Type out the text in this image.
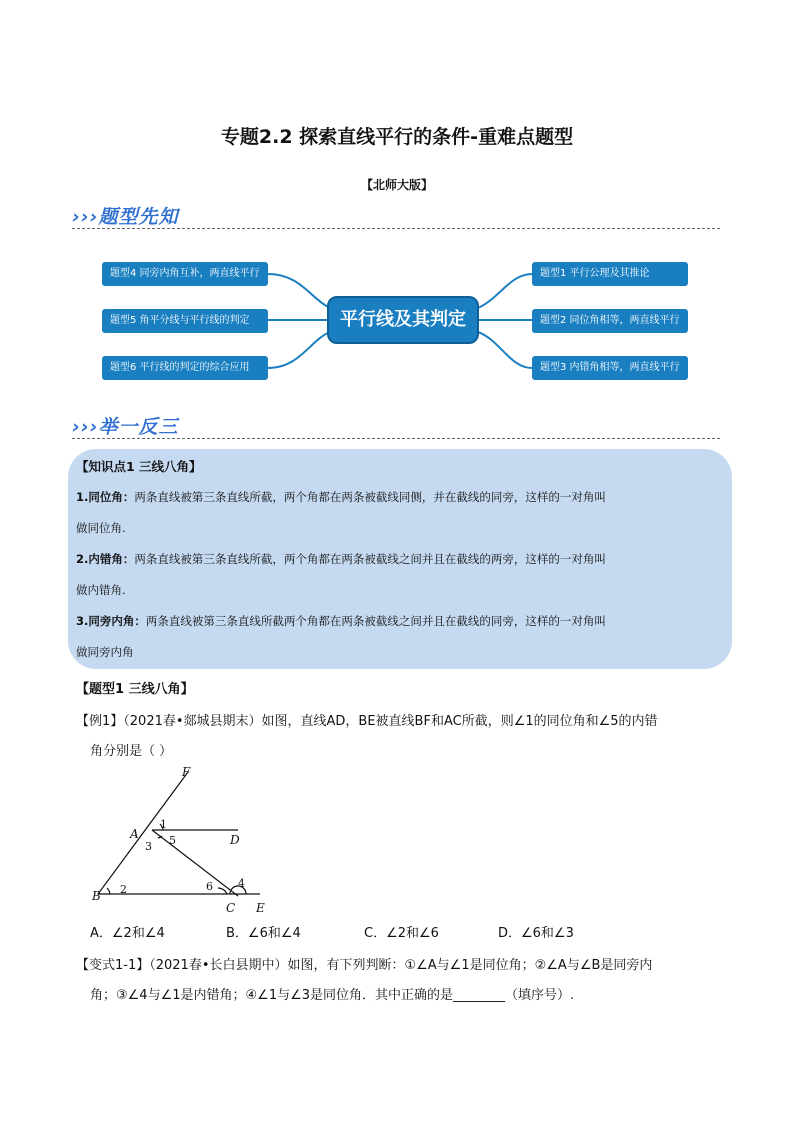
专题2.2 探索直线平行的条件-重难点题型
【北师大版】
›››题型先知
题型4 同旁内角互补，两直线平行
题型5 角平分线与平行线的判定
题型6 平行线的判定的综合应用
题型1 平行公理及其推论
题型2 同位角相等，两直线平行
题型3 内错角相等，两直线平行
平行线及其判定
›››举一反三
【知识点1 三线八角】
1.同位角：两条直线被第三条直线所截，两个角都在两条被截线同侧，并在截线的同旁，这样的一对角叫
做同位角.
2.内错角：两条直线被第三条直线所截，两个角都在两条被截线之间并且在截线的两旁，这样的一对角叫
做内错角.
3.同旁内角：两条直线被第三条直线所截两个角都在两条被截线之间并且在截线的同旁，这样的一对角叫
做同旁内角
【题型1 三线八角】
【例1】（2021春•郯城县期末）如图，直线AD，BE被直线BF和AC所截，则∠1的同位角和∠5的内错
角分别是（ ）
F
A	D
B
C E
1
2
3
4
5
6
A．∠2和∠4	B．∠6和∠4	C．∠2和∠6	D．∠6和∠3
【变式1-1】（2021春•长白县期中）如图，有下列判断：①∠A与∠1是同位角；②∠A与∠B是同旁内
角；③∠4与∠1是内错角；④∠1与∠3是同位角．其中正确的是________（填序号）.
